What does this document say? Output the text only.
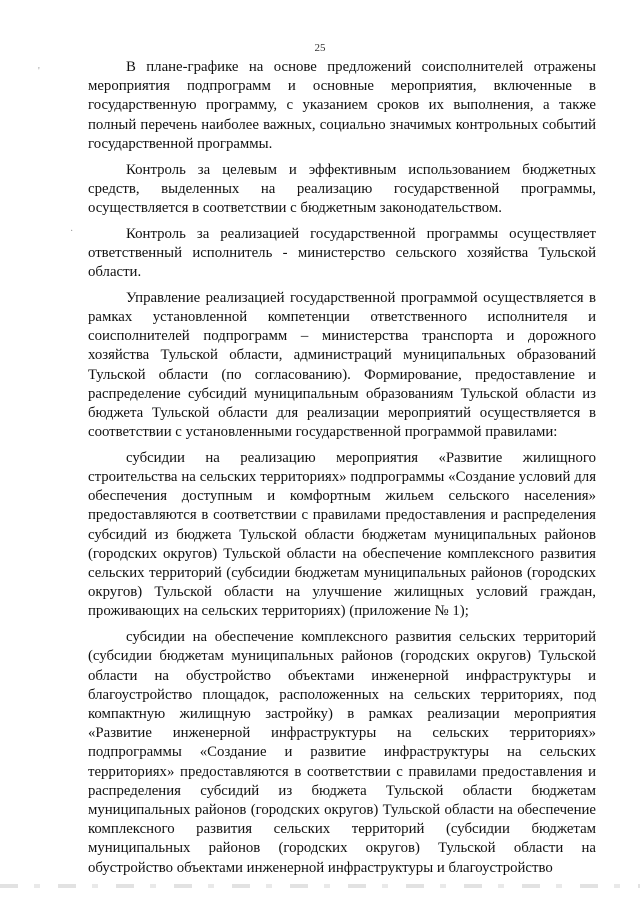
25
'
·

В плане-графике на основе предложений соисполнителей отражены мероприятия подпрограмм и основные мероприятия, включенные в государственную программу, с указанием сроков их выполнения, а также полный перечень наиболее важных, социально значимых контрольных событий государственной программы.

Контроль за целевым и эффективным использованием бюджетных средств, выделенных на реализацию государственной программы, осуществляется в соответствии с бюджетным законодательством.

Контроль за реализацией государственной программы осуществляет ответственный исполнитель - министерство сельского хозяйства Тульской области.

Управление реализацией государственной программой осуществляется в рамках установленной компетенции ответственного исполнителя и соисполнителей подпрограмм – министерства транспорта и дорожного хозяйства Тульской области, администраций муниципальных образований Тульской области (по согласованию). Формирование, предоставление и распределение субсидий муниципальным образованиям Тульской области из бюджета Тульской области для реализации мероприятий осуществляется в соответствии с установленными государственной программой правилами:

субсидии на реализацию мероприятия «Развитие жилищного строительства на сельских территориях» подпрограммы «Создание условий для обеспечения доступным и комфортным жильем сельского населения» предоставляются в соответствии с правилами предоставления и распределения субсидий из бюджета Тульской области бюджетам муниципальных районов (городских округов) Тульской области на обеспечение комплексного развития сельских территорий (субсидии бюджетам муниципальных районов (городских округов) Тульской области на улучшение жилищных условий граждан, проживающих на сельских территориях) (приложение № 1);

субсидии на обеспечение комплексного развития сельских территорий (субсидии бюджетам муниципальных районов (городских округов) Тульской области на обустройство объектами инженерной инфраструктуры и благоустройство площадок, расположенных на сельских территориях, под компактную жилищную застройку) в рамках реализации мероприятия «Развитие инженерной инфраструктуры на сельских территориях» подпрограммы «Создание и развитие инфраструктуры на сельских территориях» предоставляются в соответствии с правилами предоставления и распределения субсидий из бюджета Тульской области бюджетам муниципальных районов (городских округов) Тульской области на обеспечение комплексного развития сельских территорий (субсидии бюджетам муниципальных районов (городских округов) Тульской области на обустройство объектами инженерной инфраструктуры и благоустройство
